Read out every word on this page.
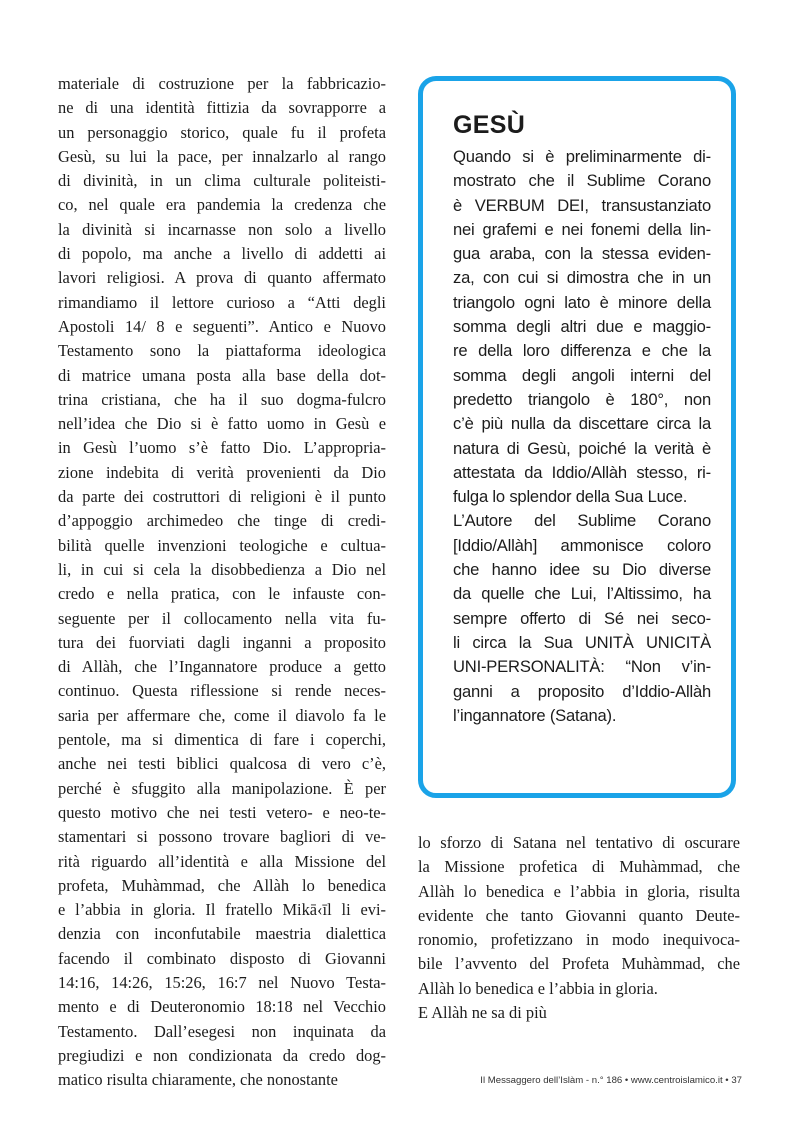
materiale di costruzione per la fabbricazio-
ne di una identità fittizia da sovrapporre a
un personaggio storico, quale fu il profeta
Gesù, su lui la pace, per innalzarlo al rango
di divinità, in un clima culturale politeisti-
co, nel quale era pandemia la credenza che
la divinità si incarnasse non solo a livello
di popolo, ma anche a livello di addetti ai
lavori religiosi. A prova di quanto affermato
rimandiamo il lettore curioso a “Atti degli
Apostoli 14/ 8 e seguenti”. Antico e Nuovo
Testamento sono la piattaforma ideologica
di matrice umana posta alla base della dot-
trina cristiana, che ha il suo dogma-fulcro
nell’idea che Dio si è fatto uomo in Gesù e
in Gesù l’uomo s’è fatto Dio. L’appropria-
zione indebita di verità provenienti da Dio
da parte dei costruttori di religioni è il punto
d’appoggio archimedeo che tinge di credi-
bilità quelle invenzioni teologiche e cultua-
li, in cui si cela la disobbedienza a Dio nel
credo e nella pratica, con le infauste con-
seguente per il collocamento nella vita fu-
tura dei fuorviati dagli inganni a proposito
di Allàh, che l’Ingannatore produce a getto
continuo. Questa riflessione si rende neces-
saria per affermare che, come il diavolo fa le
pentole, ma si dimentica di fare i coperchi,
anche nei testi biblici qualcosa di vero c’è,
perché è sfuggito alla manipolazione. È per
questo motivo che nei testi vetero- e neo-te-
stamentari si possono trovare bagliori di ve-
rità riguardo all’identità e alla Missione del
profeta, Muhàmmad, che Allàh lo benedica
e l’abbia in gloria. Il fratello Mikā‹īl li evi-
denzia con inconfutabile maestria dialettica
facendo il combinato disposto di Giovanni
14:16, 14:26, 15:26, 16:7 nel Nuovo Testa-
mento e di Deuteronomio 18:18 nel Vecchio
Testamento. Dall’esegesi non inquinata da
pregiudizi e non condizionata da credo dog-
matico risulta chiaramente, che nonostante
GESÙ
Quando si è preliminarmente di-
mostrato che il Sublime Corano
è VERBUM DEI, transustanziato
nei grafemi e nei fonemi della lin-
gua araba, con la stessa eviden-
za, con cui si dimostra che in un
triangolo ogni lato è minore della
somma degli altri due e maggio-
re della loro differenza e che la
somma degli angoli interni del
predetto triangolo è 180°, non
c’è più nulla da discettare circa la
natura di Gesù, poiché la verità è
attestata da Iddio/Allàh stesso, ri-
fulga lo splendor della Sua Luce.
L’Autore del Sublime Corano
[Iddio/Allàh] ammonisce coloro
che hanno idee su Dio diverse
da quelle che Lui, l’Altissimo, ha
sempre offerto di Sé nei seco-
li circa la Sua UNITÀ UNICITÀ
UNI-PERSONALITÀ: “Non v’in-
ganni a proposito d’Iddio-Allàh
l’ingannatore (Satana).
lo sforzo di Satana nel tentativo di oscurare
la Missione profetica di Muhàmmad, che
Allàh lo benedica e l’abbia in gloria, risulta
evidente che tanto Giovanni quanto Deute-
ronomio, profetizzano in modo inequivoca-
bile l’avvento del Profeta Muhàmmad, che
Allàh lo benedica e l’abbia in gloria.
E Allàh ne sa di più
Il Messaggero dell’Islàm - n.° 186 • www.centroislamico.it • 37
